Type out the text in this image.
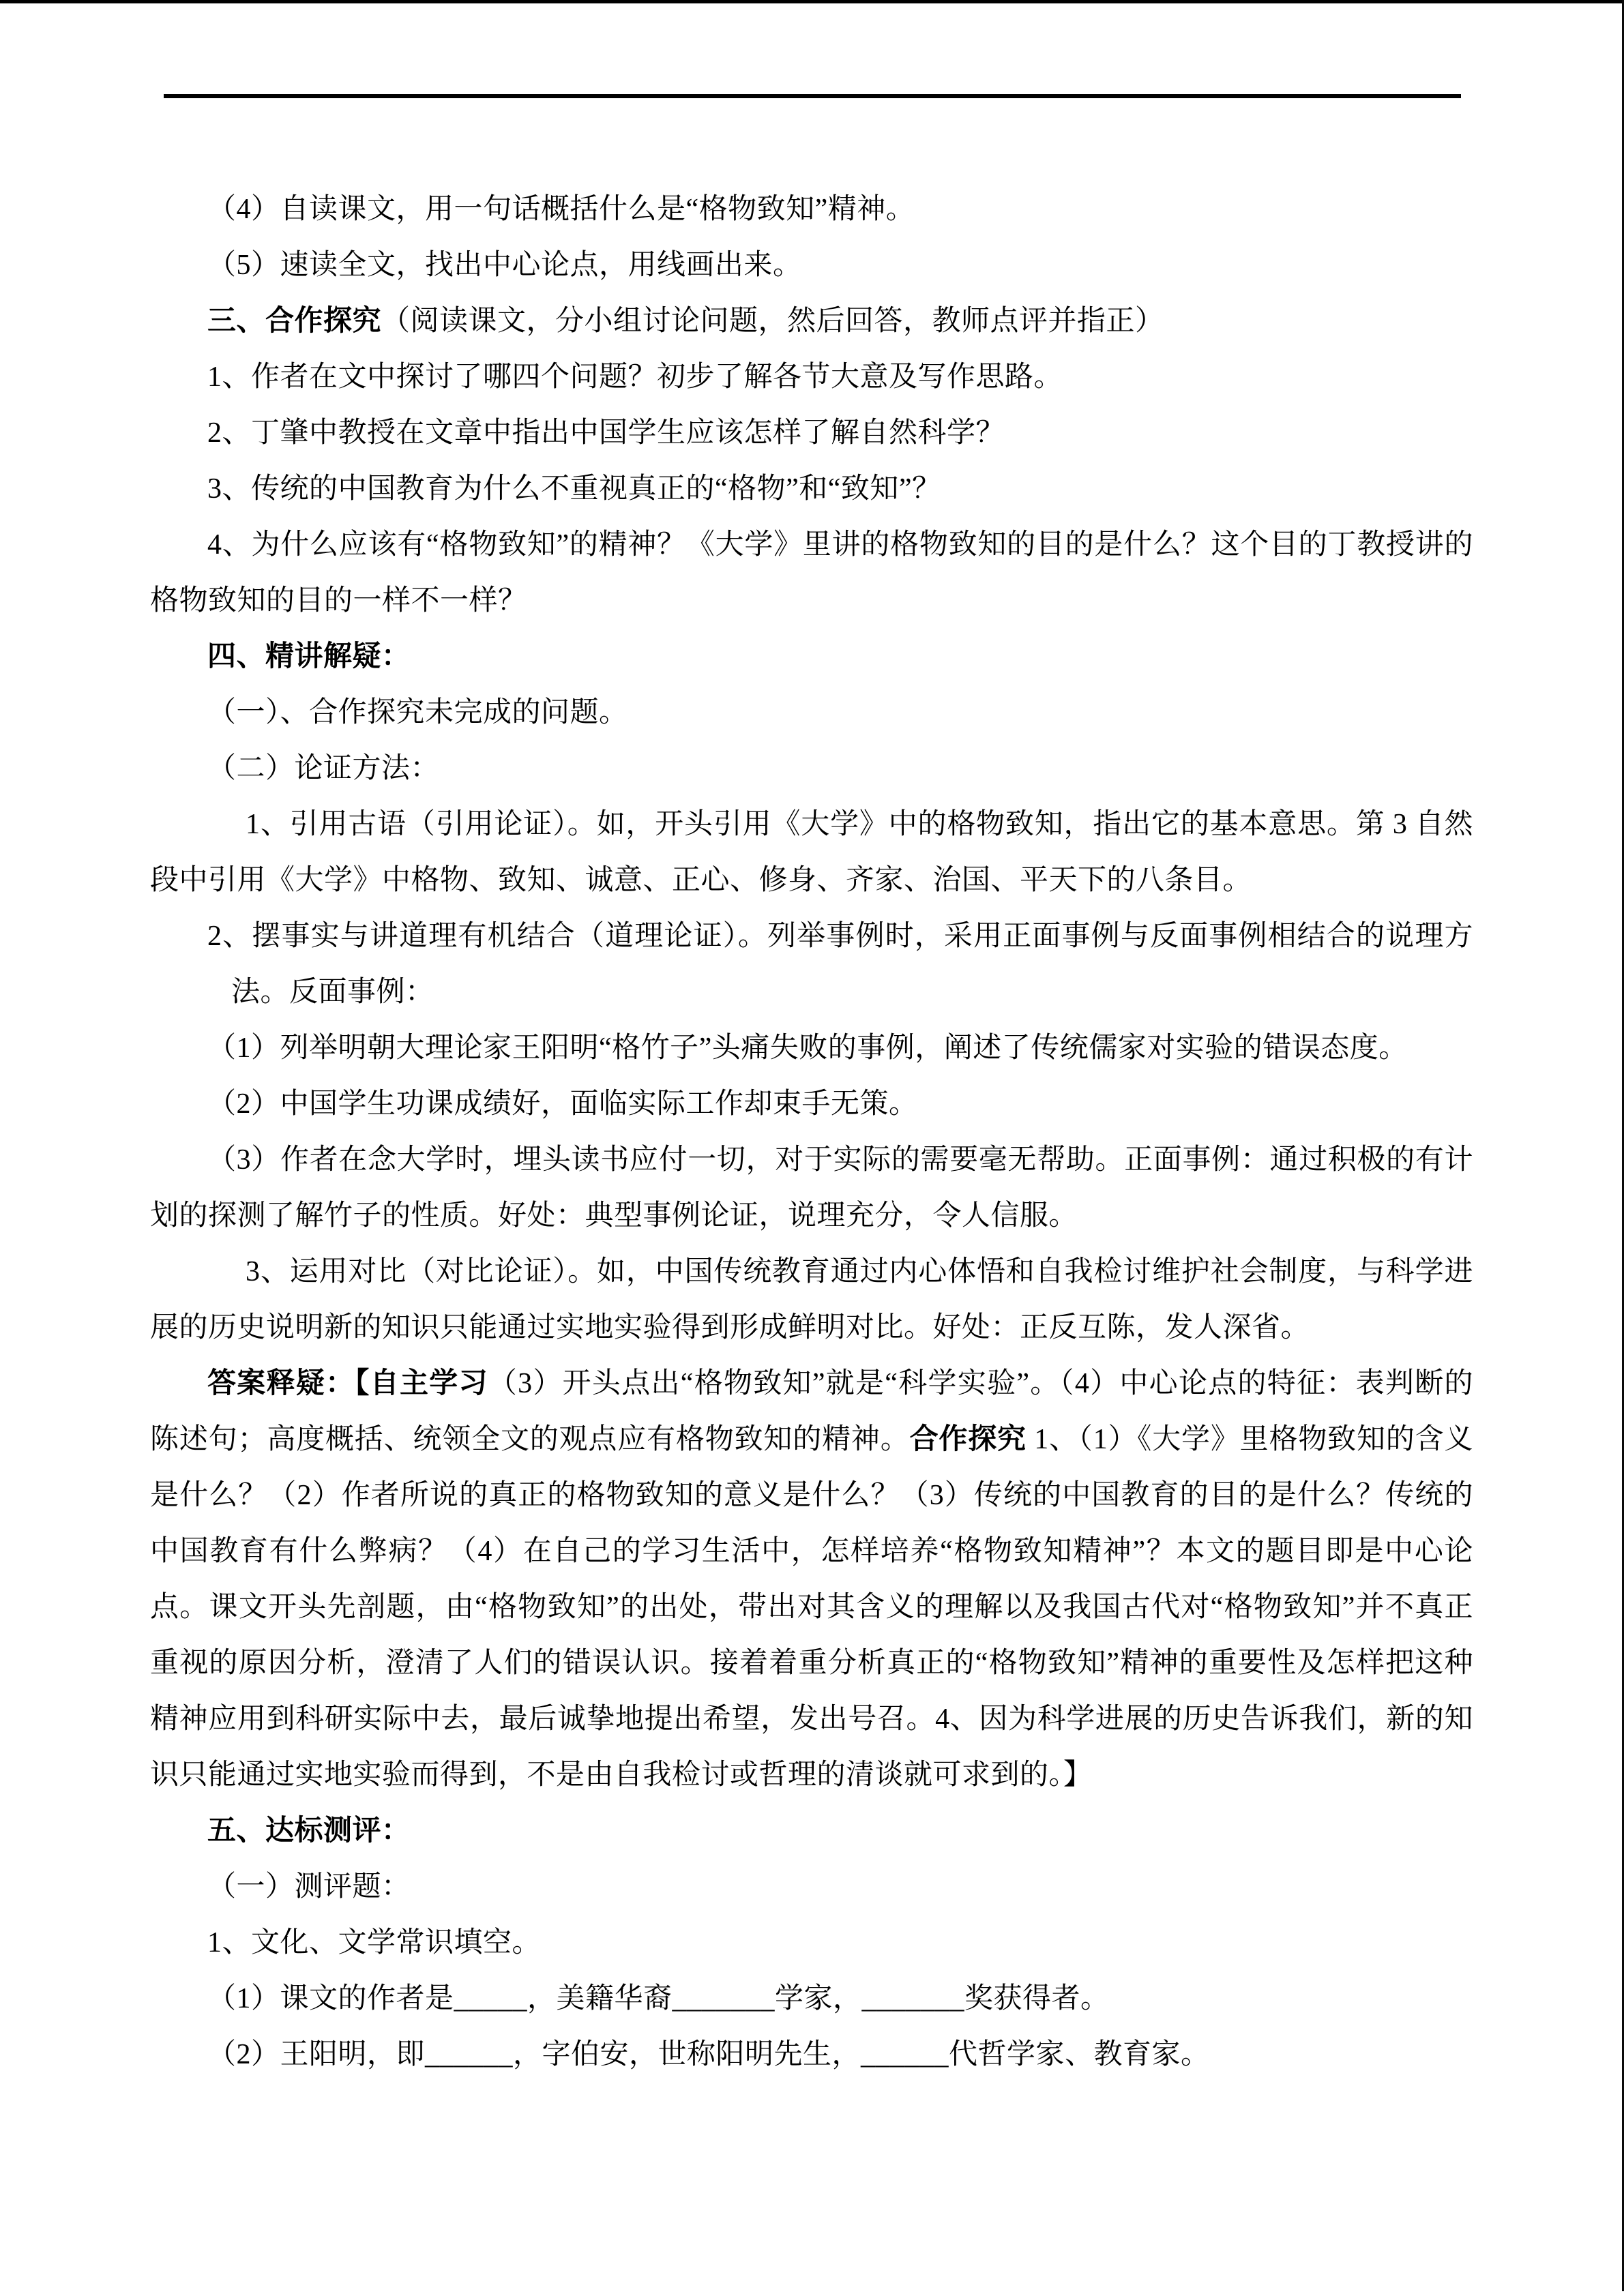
（4）自读课文，用一句话概括什么是“格物致知”精神。

（5）速读全文，找出中心论点，用线画出来。

三、合作探究（阅读课文，分小组讨论问题，然后回答，教师点评并指正）

1、作者在文中探讨了哪四个问题？初步了解各节大意及写作思路。

2、丁肇中教授在文章中指出中国学生应该怎样了解自然科学？

3、传统的中国教育为什么不重视真正的“格物”和“致知”？

4、为什么应该有“格物致知”的精神？《大学》里讲的格物致知的目的是什么？这个目的丁教授讲的格物致知的目的一样不一样？

四、精讲解疑：

（一）、合作探究未完成的问题。

（二）论证方法：

1、引用古语（引用论证）。如，开头引用《大学》中的格物致知，指出它的基本意思。第 3 自然段中引用《大学》中格物、致知、诚意、正心、修身、齐家、治国、平天下的八条目。

2、摆事实与讲道理有机结合（道理论证）。列举事例时，采用正面事例与反面事例相结合的说理方法。反面事例：

（1）列举明朝大理论家王阳明“格竹子”头痛失败的事例，阐述了传统儒家对实验的错误态度。

（2）中国学生功课成绩好，面临实际工作却束手无策。

（3）作者在念大学时，埋头读书应付一切，对于实际的需要毫无帮助。正面事例：通过积极的有计划的探测了解竹子的性质。好处：典型事例论证，说理充分，令人信服。

3、运用对比（对比论证）。如，中国传统教育通过内心体悟和自我检讨维护社会制度，与科学进展的历史说明新的知识只能通过实地实验得到形成鲜明对比。好处：正反互陈，发人深省。

答案释疑：【自主学习（3）开头点出“格物致知”就是“科学实验”。（4）中心论点的特征：表判断的陈述句；高度概括、统领全文的观点应有格物致知的精神。合作探究 1、（1）《大学》里格物致知的含义是什么？（2）作者所说的真正的格物致知的意义是什么？（3）传统的中国教育的目的是什么？传统的中国教育有什么弊病？（4）在自己的学习生活中，怎样培养“格物致知精神”？本文的题目即是中心论点。课文开头先剖题，由“格物致知”的出处，带出对其含义的理解以及我国古代对“格物致知”并不真正重视的原因分析，澄清了人们的错误认识。接着着重分析真正的“格物致知”精神的重要性及怎样把这种精神应用到科研实际中去，最后诚挚地提出希望，发出号召。4、因为科学进展的历史告诉我们，新的知识只能通过实地实验而得到，不是由自我检讨或哲理的清谈就可求到的。】

五、达标测评：

（一）测评题：

1、文化、文学常识填空。

（1）课文的作者是_____，美籍华裔_______学家，_______奖获得者。

（2）王阳明，即______，字伯安，世称阳明先生，______代哲学家、教育家。
